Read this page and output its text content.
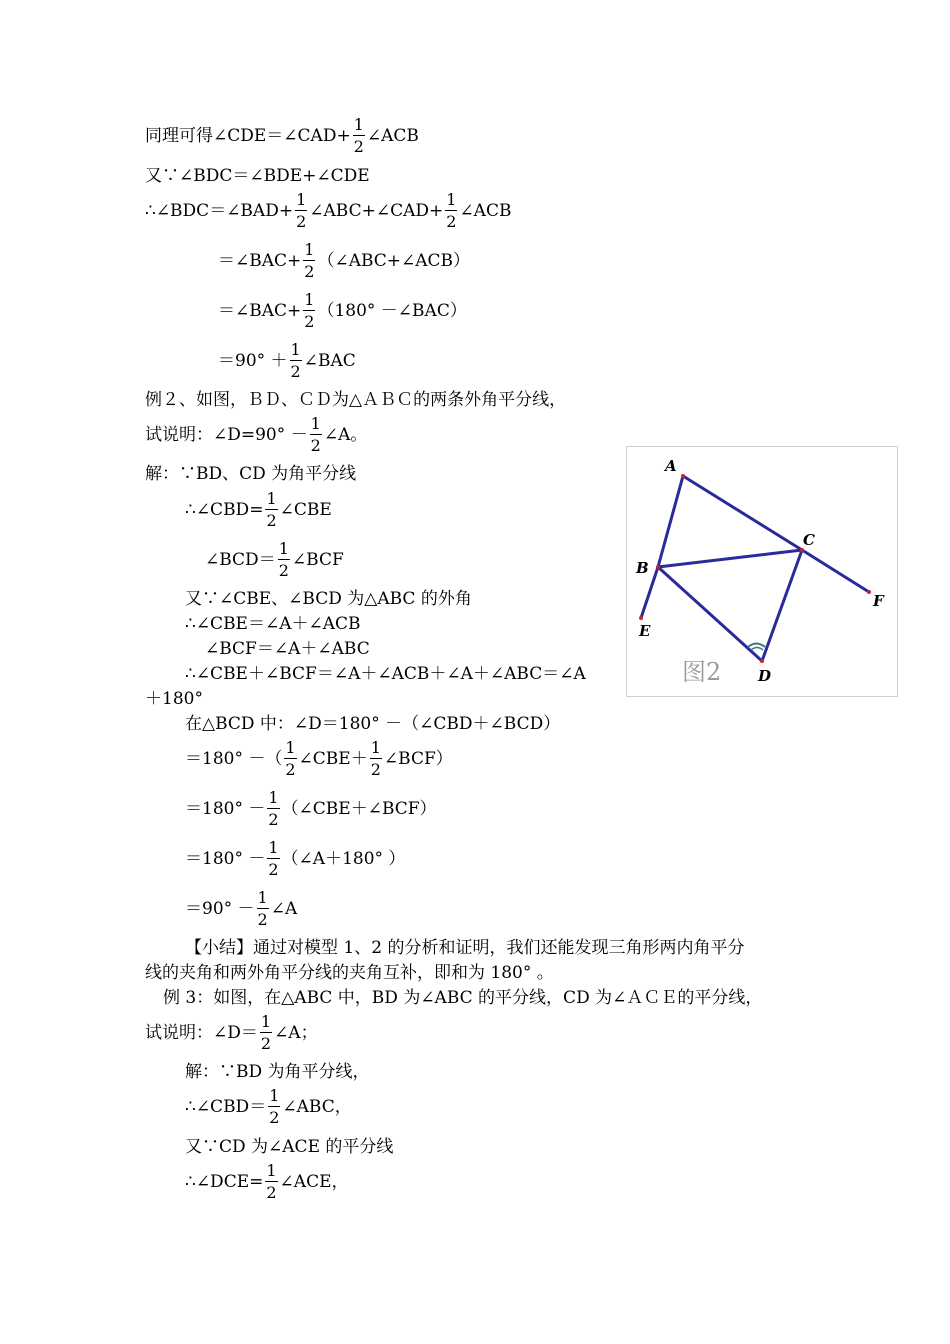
同理可得∠CDE＝∠CAD+ $\frac{1}{2}$ ∠ACB
又∵∠BDC＝∠BDE+∠CDE
∴∠BDC＝∠BAD+ $\frac{1}{2}$ ∠ABC+∠CAD+ $\frac{1}{2}$ ∠ACB
＝∠BAC+ $\frac{1}{2}$ （∠ABC+∠ACB）
＝∠BAC+ $\frac{1}{2} (180^\circ$ －∠BAC）
$=90^\circ + \frac{1}{2}$ ∠BAC
例２、如图，ＢＤ、ＣＤ为△ＡＢＣ的两条外角平分线，
试说明：∠D=90° － $\frac{1}{2}$ ∠A。
解：∵BD、CD 为角平分线
∴∠CBD= $\frac{1}{2}$ ∠CBE
∠BCD＝ $\frac{1}{2}$ ∠BCF
又∵∠CBE、∠BCD 为△ABC 的外角
∴∠CBE＝∠A＋∠ACB
∠BCF＝∠A＋∠ABC
∴∠CBE＋∠BCF＝∠A＋∠ACB＋∠A＋∠ABC＝∠A
＋180°
在△BCD 中：∠D＝180° －（∠CBD＋∠BCD）
＝180° －（ $\frac{1}{2}$ ∠CBE＋ $\frac{1}{2}$ ∠BCF）
$=180^\circ - \frac{1}{2}$ （∠CBE＋∠BCF）
$=180^\circ - \frac{1}{2}$ （∠A＋180° ）
$=90^\circ - \frac{1}{2}$ ∠A
【小结】通过对模型 1、2 的分析和证明，我们还能发现三角形两内角平分
线的夹角和两外角平分线的夹角互补，即和为 180° 。
例 3：如图，在△ABC 中，BD 为∠ABC 的平分线，CD 为∠ＡＣＥ的平分线，
试说明：∠D＝ $\frac{1}{2}$ ∠A；
解：∵BD 为角平分线，
∴∠CBD＝ $\frac{1}{2}$ ∠ABC，
又∵CD 为∠ACE 的平分线
∴∠DCE= $\frac{1}{2}$ ∠ACE，
A
B
C
D
E
F
图2
